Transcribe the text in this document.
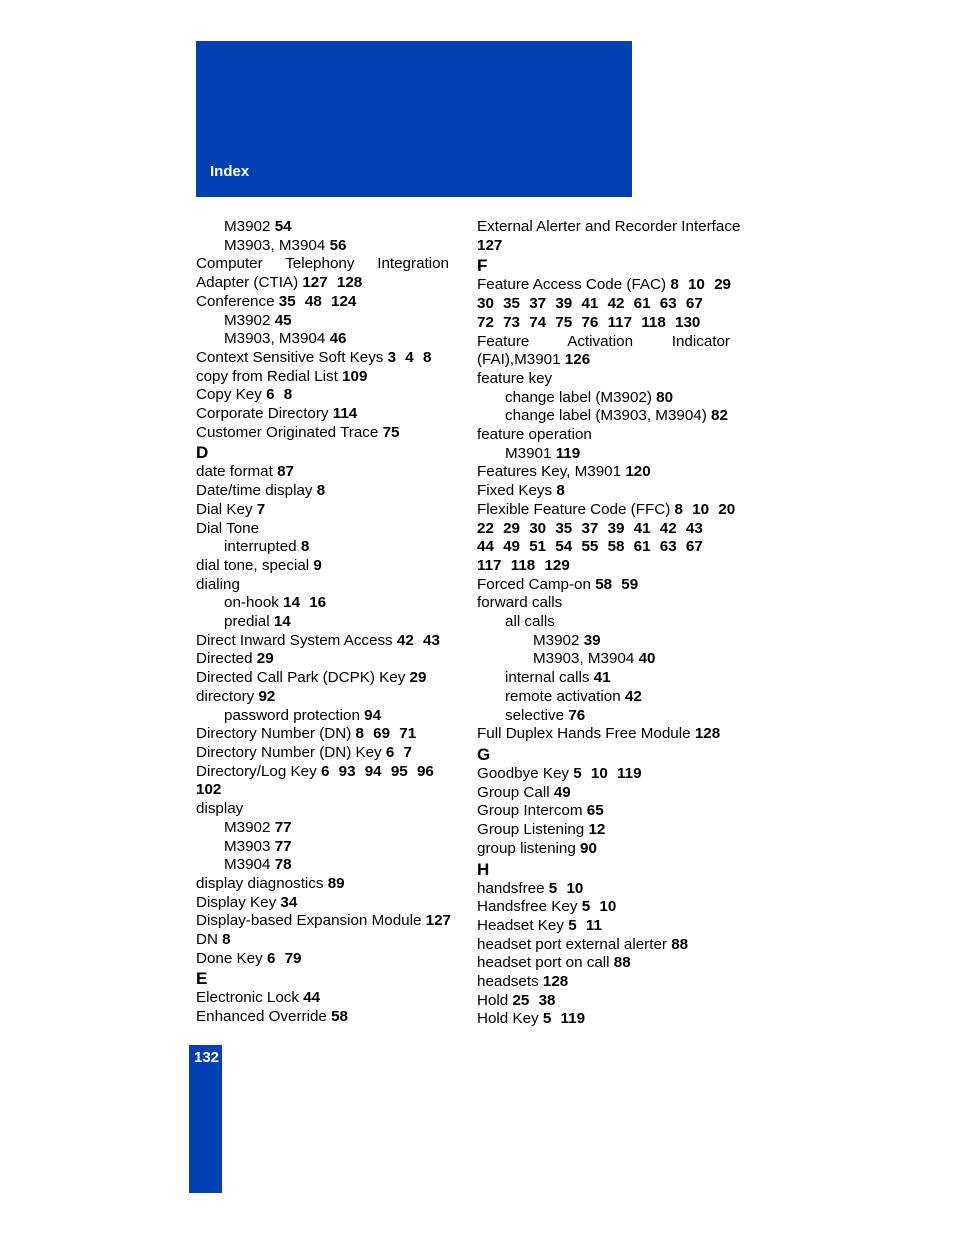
Index
M3902 54
M3903, M3904 56
Computer Telephony Integration
Adapter (CTIA) 127 128
Conference 35 48 124
M3902 45
M3903, M3904 46
Context Sensitive Soft Keys 3 4 8
copy from Redial List 109
Copy Key 6 8
Corporate Directory 114
Customer Originated Trace 75
D
date format 87
Date/time display 8
Dial Key 7
Dial Tone
interrupted 8
dial tone, special 9
dialing
on-hook 14 16
predial 14
Direct Inward System Access 42 43
Directed 29
Directed Call Park (DCPK) Key 29
directory 92
password protection 94
Directory Number (DN) 8 69 71
Directory Number (DN) Key 6 7
Directory/Log Key 6 93 94 95 96
102
display
M3902 77
M3903 77
M3904 78
display diagnostics 89
Display Key 34
Display-based Expansion Module 127
DN 8
Done Key 6 79
E
Electronic Lock 44
Enhanced Override 58
External Alerter and Recorder Interface
127
F
Feature Access Code (FAC) 8 10 29
30 35 37 39 41 42 61 63 67
72 73 74 75 76 117 118 130
Feature Activation Indicator
(FAI),M3901 126
feature key
change label (M3902) 80
change label (M3903, M3904) 82
feature operation
M3901 119
Features Key, M3901 120
Fixed Keys 8
Flexible Feature Code (FFC) 8 10 20
22 29 30 35 37 39 41 42 43
44 49 51 54 55 58 61 63 67
117 118 129
Forced Camp-on 58 59
forward calls
all calls
M3902 39
M3903, M3904 40
internal calls 41
remote activation 42
selective 76
Full Duplex Hands Free Module 128
G
Goodbye Key 5 10 119
Group Call 49
Group Intercom 65
Group Listening 12
group listening 90
H
handsfree 5 10
Handsfree Key 5 10
Headset Key 5 11
headset port external alerter 88
headset port on call 88
headsets 128
Hold 25 38
Hold Key 5 119
132
